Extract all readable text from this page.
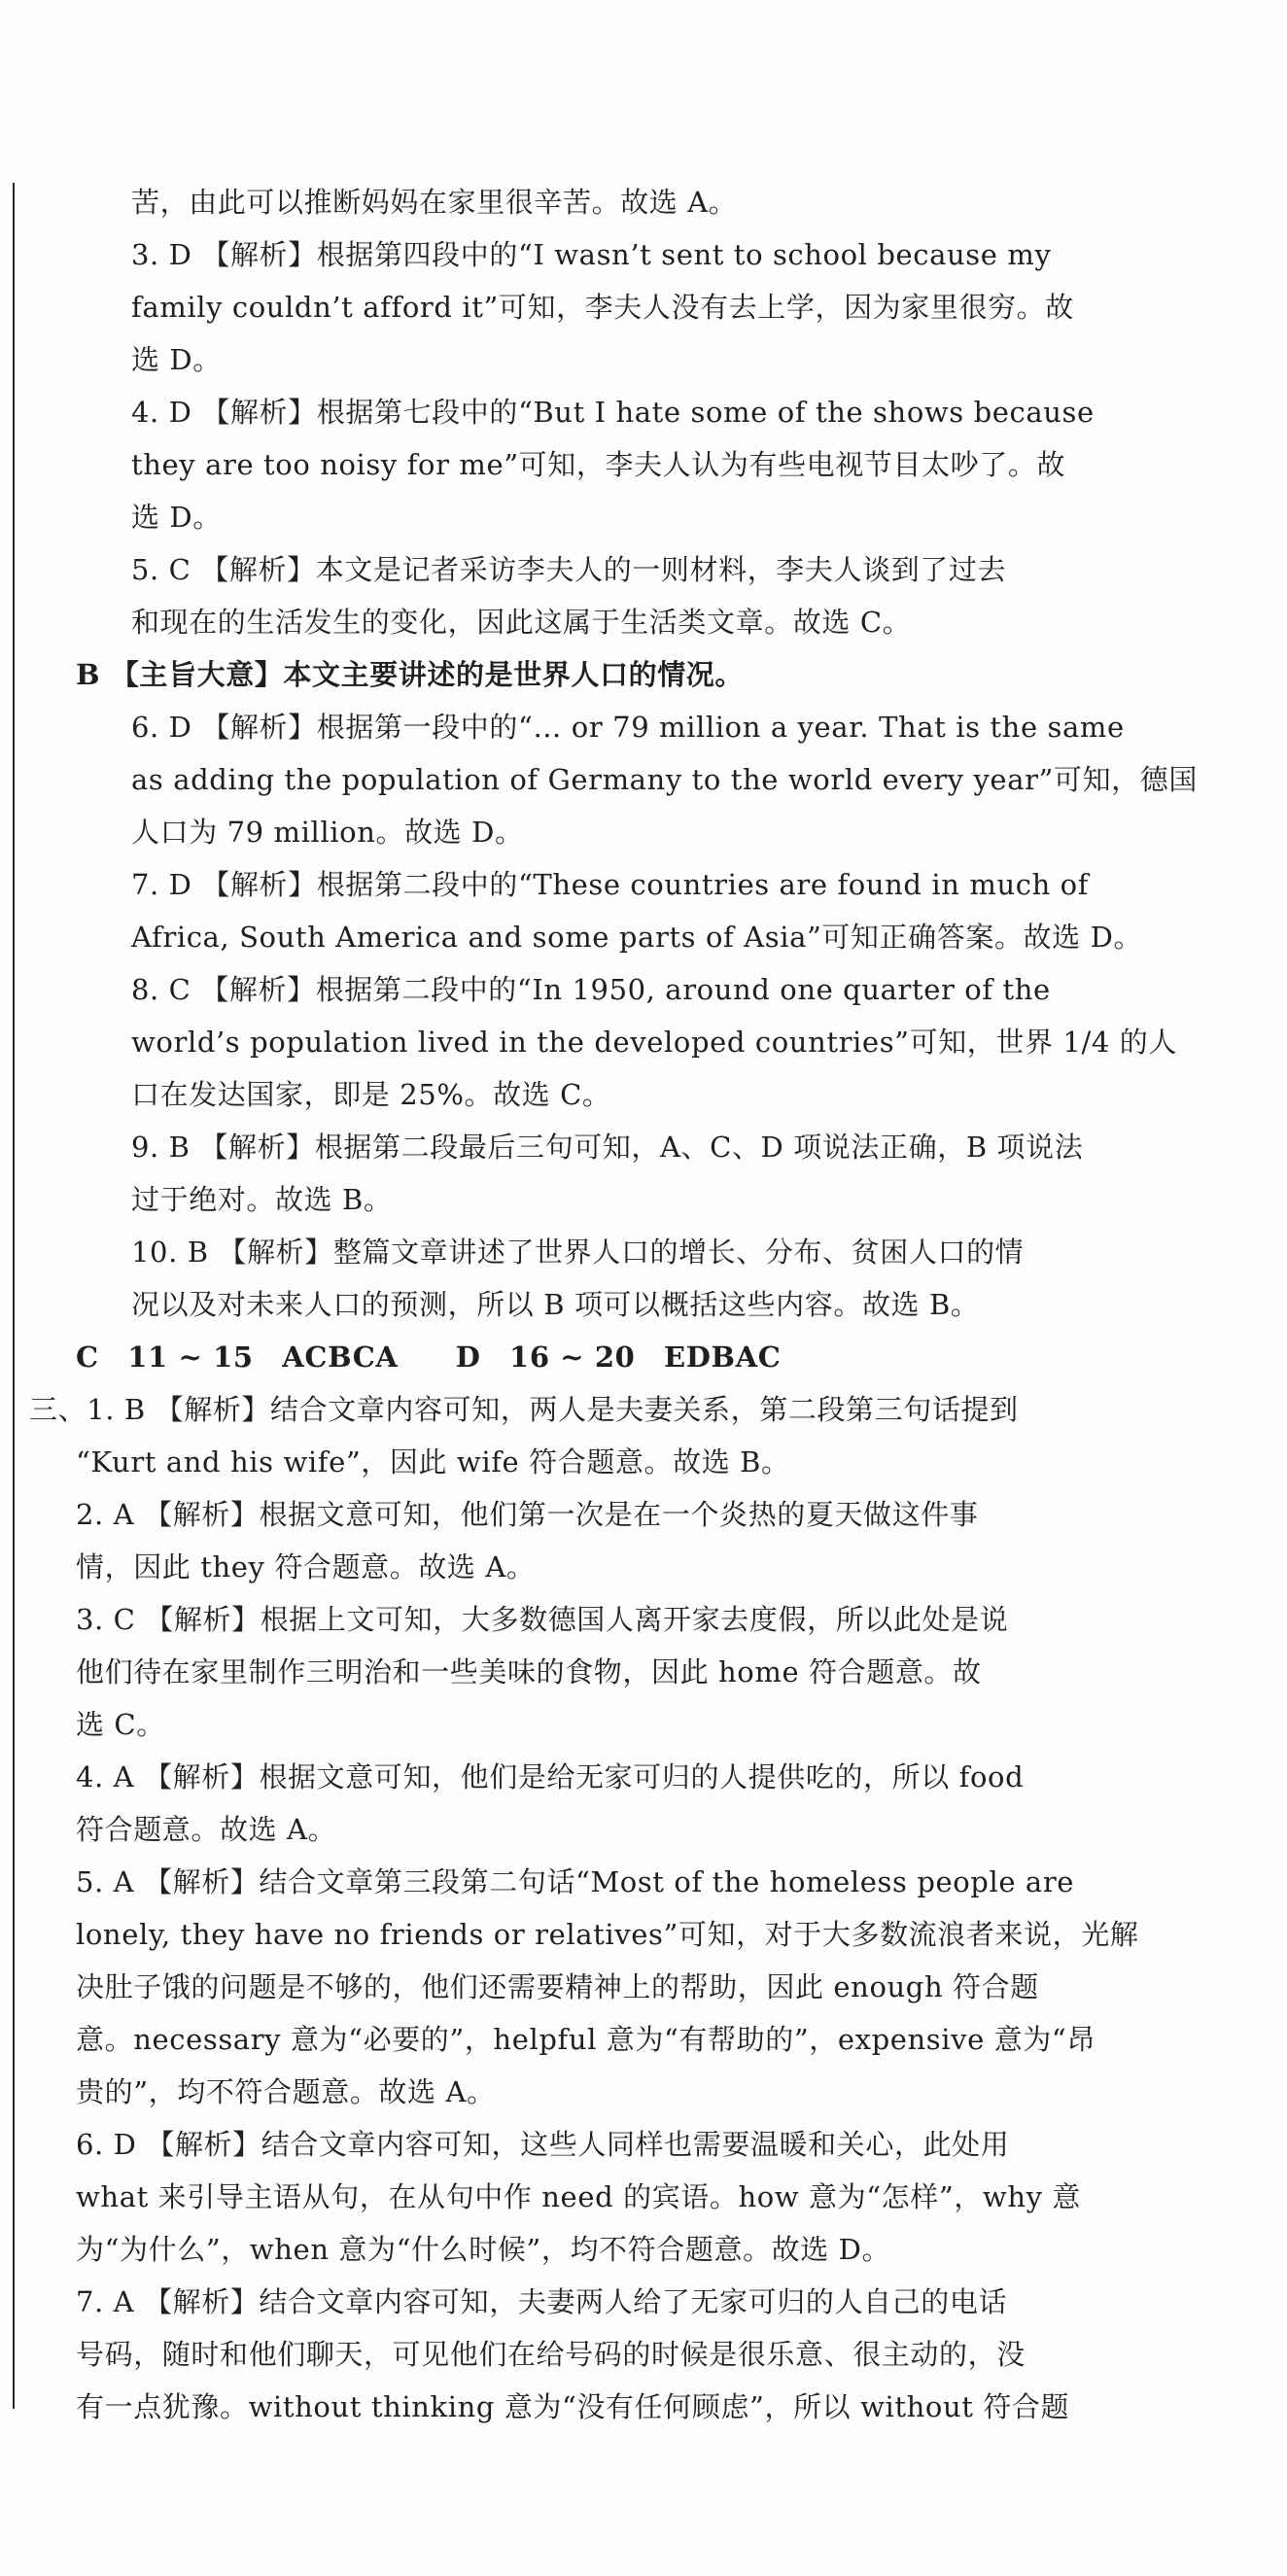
苦，由此可以推断妈妈在家里很辛苦。故选 A。
3. D 【解析】根据第四段中的“I wasn’t sent to school because my
family couldn’t afford it”可知，李夫人没有去上学，因为家里很穷。故
选 D。
4. D 【解析】根据第七段中的“But I hate some of the shows because
they are too noisy for me”可知，李夫人认为有些电视节目太吵了。故
选 D。
5. C 【解析】本文是记者采访李夫人的一则材料，李夫人谈到了过去
和现在的生活发生的变化，因此这属于生活类文章。故选 C。
B 【主旨大意】本文主要讲述的是世界人口的情况。
6. D 【解析】根据第一段中的“… or 79 million a year. That is the same
as adding the population of Germany to the world every year”可知，德国
人口为 79 million。故选 D。
7. D 【解析】根据第二段中的“These countries are found in much of
Africa, South America and some parts of Asia”可知正确答案。故选 D。
8. C 【解析】根据第二段中的“In 1950, around one quarter of the
world’s population lived in the developed countries”可知，世界 1/4 的人
口在发达国家，即是 25%。故选 C。
9. B 【解析】根据第二段最后三句可知，A、C、D 项说法正确，B 项说法
过于绝对。故选 B。
10. B 【解析】整篇文章讲述了世界人口的增长、分布、贫困人口的情
况以及对未来人口的预测，所以 B 项可以概括这些内容。故选 B。
C　11 ~ 15　ACBCA　　D　16 ~ 20　EDBAC
三、1. B 【解析】结合文章内容可知，两人是夫妻关系，第二段第三句话提到
“Kurt and his wife”，因此 wife 符合题意。故选 B。
2. A 【解析】根据文意可知，他们第一次是在一个炎热的夏天做这件事
情，因此 they 符合题意。故选 A。
3. C 【解析】根据上文可知，大多数德国人离开家去度假，所以此处是说
他们待在家里制作三明治和一些美味的食物，因此 home 符合题意。故
选 C。
4. A 【解析】根据文意可知，他们是给无家可归的人提供吃的，所以 food
符合题意。故选 A。
5. A 【解析】结合文章第三段第二句话“Most of the homeless people are
lonely, they have no friends or relatives”可知，对于大多数流浪者来说，光解
决肚子饿的问题是不够的，他们还需要精神上的帮助，因此 enough 符合题
意。necessary 意为“必要的”，helpful 意为“有帮助的”，expensive 意为“昂
贵的”，均不符合题意。故选 A。
6. D 【解析】结合文章内容可知，这些人同样也需要温暖和关心，此处用
what 来引导主语从句，在从句中作 need 的宾语。how 意为“怎样”，why 意
为“为什么”，when 意为“什么时候”，均不符合题意。故选 D。
7. A 【解析】结合文章内容可知，夫妻两人给了无家可归的人自己的电话
号码，随时和他们聊天，可见他们在给号码的时候是很乐意、很主动的，没
有一点犹豫。without thinking 意为“没有任何顾虑”，所以 without 符合题
